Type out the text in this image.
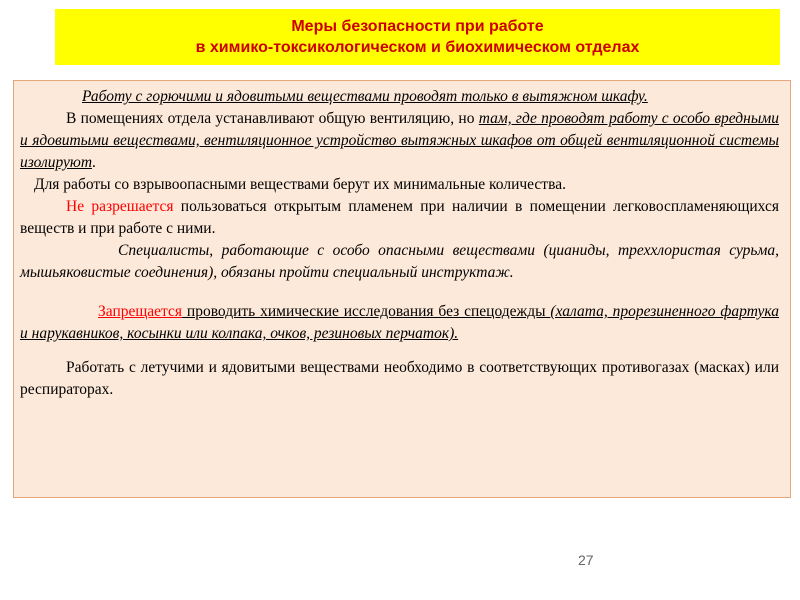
Меры безопасности при работе
в химико-токсикологическом и биохимическом отделах

Работу с горючими и ядовитыми веществами проводят только в вытяжном шкафу.

В помещениях отдела устанавливают общую вентиляцию, но там, где проводят работу с особо вредными и ядовитыми веществами, вентиляционное устройство вытяжных шкафов от общей вентиляционной системы изолируют.

Для работы со взрывоопасными веществами берут их минимальные количества.

Не разрешается пользоваться открытым пламенем при наличии в помещении легковоспламеняющихся веществ и при работе с ними.

Специалисты, работающие с особо опасными веществами (цианиды, треххлористая сурьма, мышьяковистые соединения), обязаны пройти специальный инструктаж.

Запрещается проводить химические исследования без спецодежды (халата, прорезиненного фартука и нарукавников, косынки или колпака, очков, резиновых перчаток).

Работать с летучими и ядовитыми веществами необходимо в соответствующих противогазах (масках) или респираторах.

27
